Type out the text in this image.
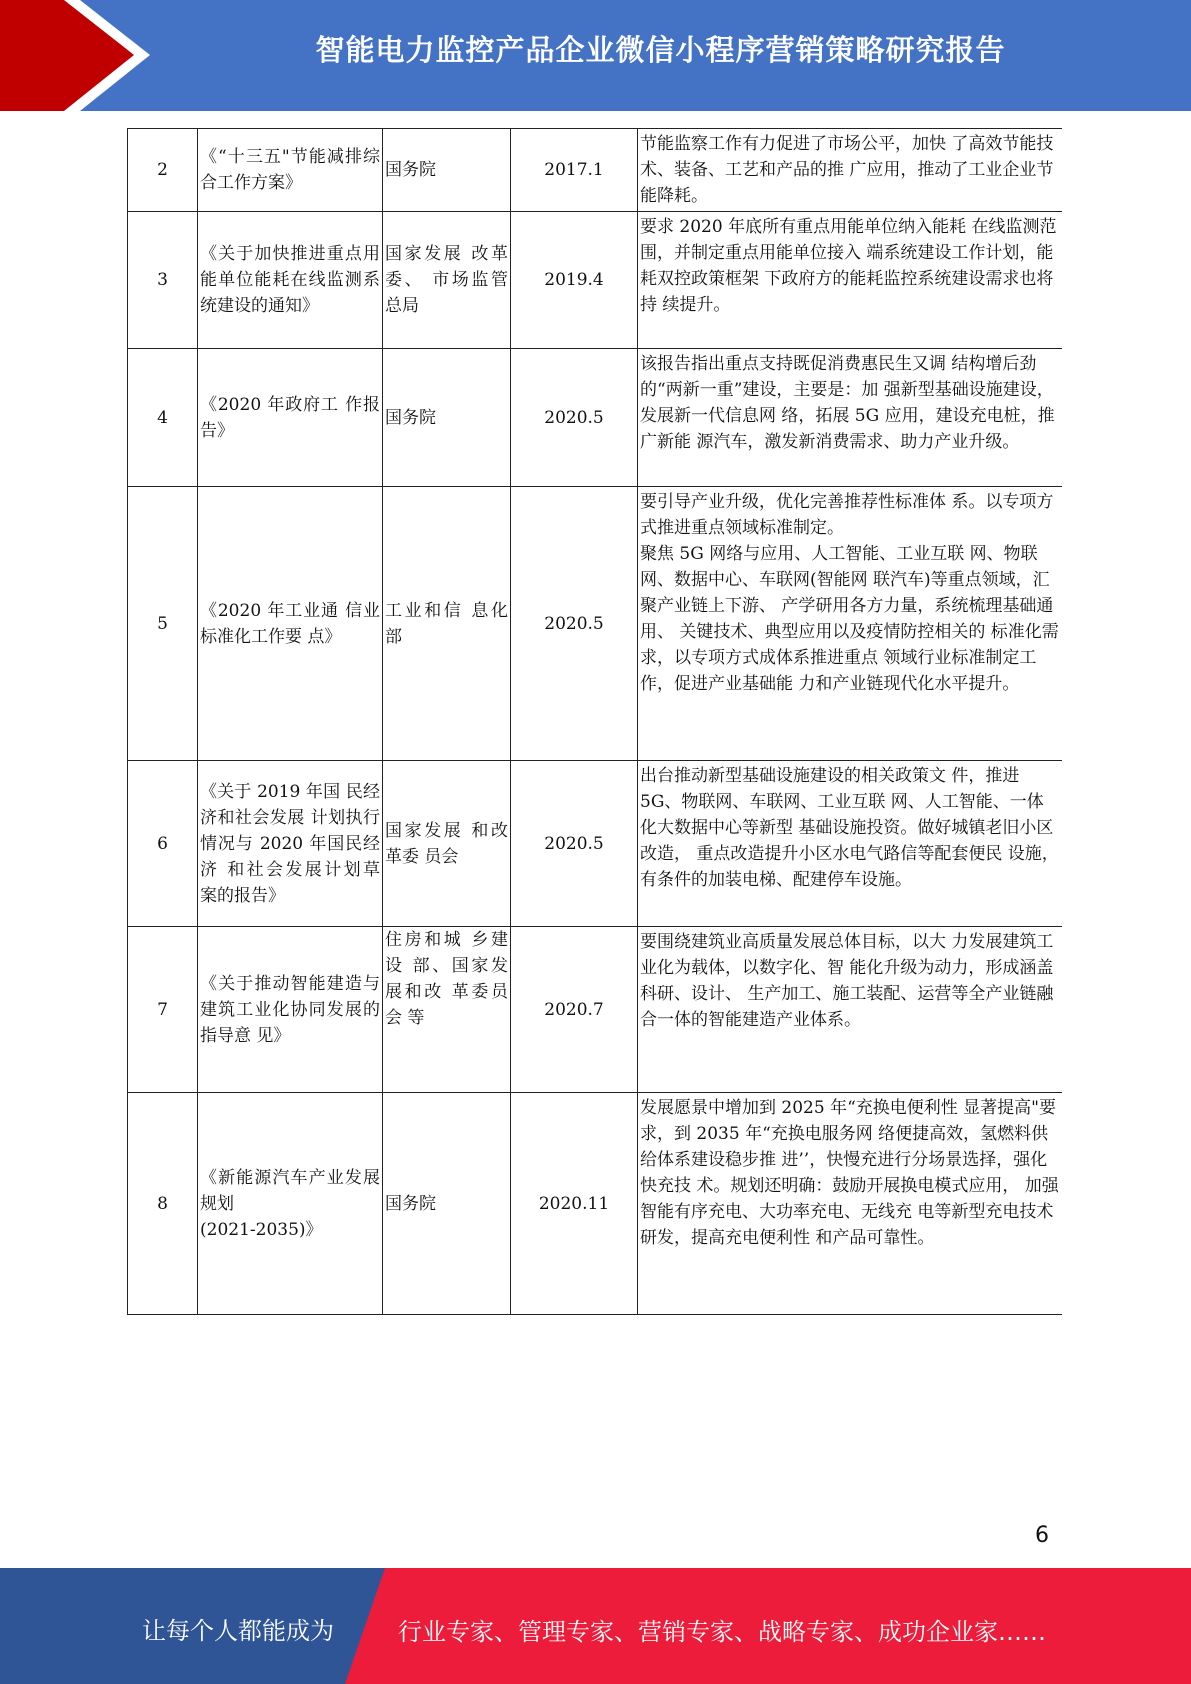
智能电力监控产品企业微信小程序营销策略研究报告
2	《“十三五"节能减排综合工作方案》	国务院	2017.1	节能监察工作有力促进了市场公平，加快 了高效节能技术、装备、工艺和产品的推 广应用，推动了工业企业节能降耗。
3	《关于加快推进重点用能单位能耗在线监测系统建设的通知》	国家发展 改革委、 市场监管 总局	2019.4	要求 2020 年底所有重点用能单位纳入能耗 在线监测范围，并制定重点用能单位接入 端系统建设工作计划，能耗双控政策框架 下政府方的能耗监控系统建设需求也将持 续提升。
4	《2020 年政府工 作报告》	国务院	2020.5	该报告指出重点支持既促消费惠民生又调 结构增后劲的“两新一重”建设，主要是：加 强新型基础设施建设，发展新一代信息网 络，拓展 5G 应用，建设充电桩，推广新能 源汽车，激发新消费需求、助力产业升级。
5	《2020 年工业通 信业标准化工作要 点》	工业和信 息化部	2020.5	要引导产业升级，优化完善推荐性标准体 系。以专项方式推进重点领域标准制定。
聚焦 5G 网络与应用、人工智能、工业互联 网、物联网、数据中心、车联网(智能网 联汽车)等重点领域，汇聚产业链上下游、 产学研用各方力量，系统梳理基础通用、 关键技术、典型应用以及疫情防控相关的 标准化需求，以专项方式成体系推进重点 领域行业标准制定工作，促进产业基础能 力和产业链现代化水平提升。
6	《关于 2019 年国 民经济和社会发展 计划执行情况与 2020 年国民经济 和社会发展计划草 案的报告》	国家发展 和改革委 员会	2020.5	出台推动新型基础设施建设的相关政策文 件，推进 5G、物联网、车联网、工业互联 网、人工智能、一体化大数据中心等新型 基础设施投资。做好城镇老旧小区改造， 重点改造提升小区水电气路信等配套便民 设施，有条件的加装电梯、配建停车设施。
7	《关于推动智能建造与建筑工业化协同发展的指导意 见》	住房和城 乡建设 部、国家发展和改 革委员会 等	2020.7	要围绕建筑业高质量发展总体目标，以大 力发展建筑工业化为载体，以数字化、智 能化升级为动力，形成涵盖科研、设计、 生产加工、施工装配、运营等全产业链融 合一体的智能建造产业体系。
8	《新能源汽车产业发展规划
(2021-2035)》	国务院	2020.11	发展愿景中增加到 2025 年“充换电便利性 显著提高"要求，到 2035 年“充换电服务网 络便捷高效，氢燃料供给体系建设稳步推 进’’，快慢充进行分场景选择，强化快充技 术。规划还明确：鼓励开展换电模式应用， 加强智能有序充电、大功率充电、无线充 电等新型充电技术研发，提高充电便利性 和产品可靠性。
6
让每个人都能成为	行业专家、管理专家、营销专家、战略专家、成功企业家……
